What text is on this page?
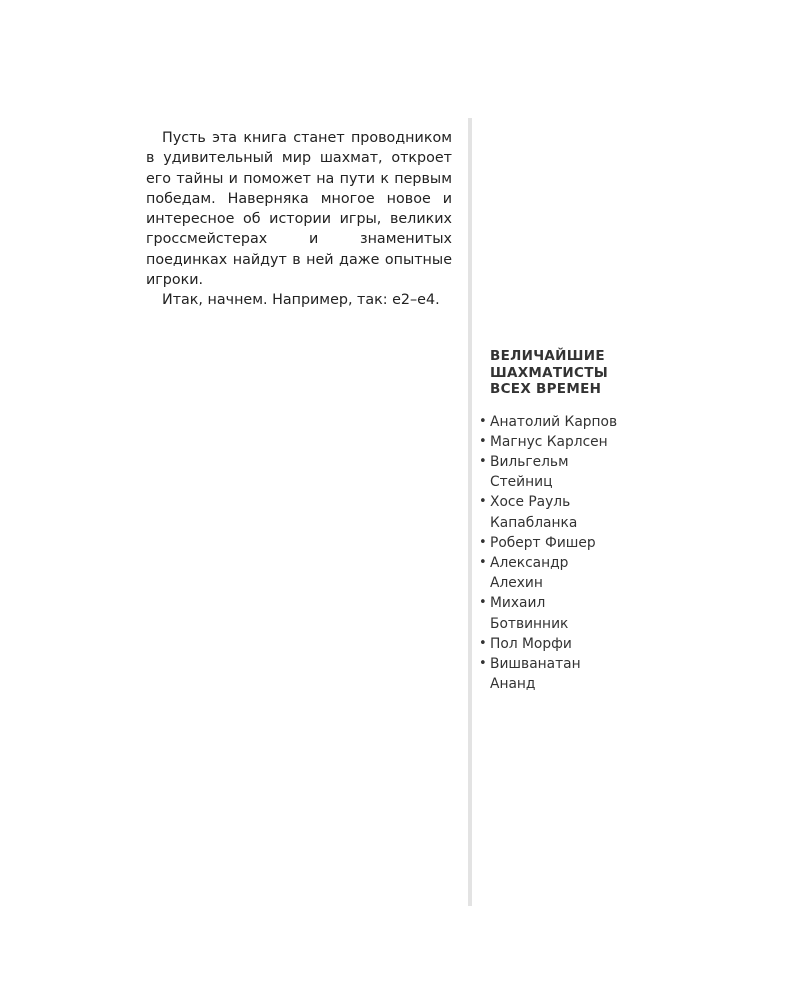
Пусть эта книга станет проводником в удивительный мир шахмат, откроет его тайны и поможет на пути к первым победам. Наверняка многое новое и интересное об истории игры, великих гроссмейстерах и знаменитых поединках найдут в ней даже опытные игроки.

Итак, начнем. Например, так: е2–е4.

ВЕЛИЧАЙШИЕ
ШАХМАТИСТЫ
ВСЕХ ВРЕМЕН
• Анатолий Карпов
• Магнус Карлсен
• Вильгельм
Стейниц
• Хосе Рауль
Капабланка
• Роберт Фишер
• Александр
Алехин
• Михаил
Ботвинник
• Пол Морфи
• Вишванатан
Ананд
